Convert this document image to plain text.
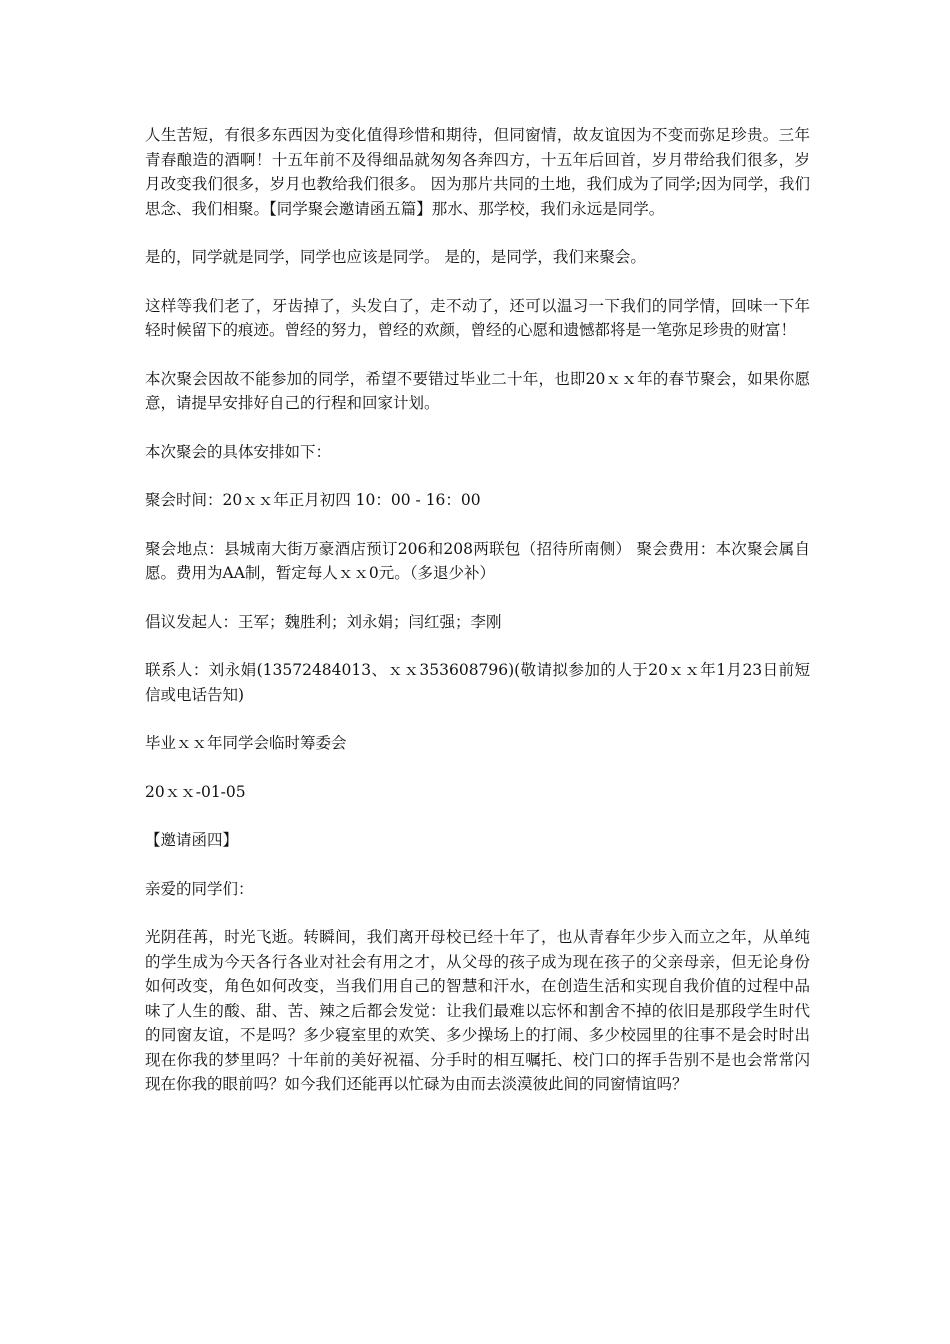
人生苦短，有很多东西因为变化值得珍惜和期待，但同窗情，故友谊因为不变而弥足珍贵。三年青春酿造的酒啊！十五年前不及得细品就匆匆各奔四方，十五年后回首，岁月带给我们很多，岁月改变我们很多，岁月也教给我们很多。 因为那片共同的土地，我们成为了同学;因为同学，我们思念、我们相聚。【同学聚会邀请函五篇】那水、那学校，我们永远是同学。

是的，同学就是同学，同学也应该是同学。 是的，是同学，我们来聚会。

这样等我们老了，牙齿掉了，头发白了，走不动了，还可以温习一下我们的同学情，回味一下年轻时候留下的痕迹。曾经的努力，曾经的欢颜，曾经的心愿和遗憾都将是一笔弥足珍贵的财富！

本次聚会因故不能参加的同学，希望不要错过毕业二十年，也即20ｘｘ年的春节聚会，如果你愿意，请提早安排好自己的行程和回家计划。

本次聚会的具体安排如下：

聚会时间：20ｘｘ年正月初四 10：00 - 16：00

聚会地点：县城南大街万豪酒店预订206和208两联包（招待所南侧） 聚会费用：本次聚会属自愿。费用为AA制，暂定每人ｘｘ0元。（多退少补）

倡议发起人：王军；魏胜利；刘永娟；闫红强；李刚

联系人：刘永娟(13572484013、ｘｘ353608796)(敬请拟参加的人于20ｘｘ年1月23日前短信或电话告知)

毕业ｘｘ年同学会临时筹委会

20ｘｘ-01-05

【邀请函四】

亲爱的同学们：

光阴荏苒，时光飞逝。转瞬间，我们离开母校已经十年了，也从青春年少步入而立之年，从单纯的学生成为今天各行各业对社会有用之才，从父母的孩子成为现在孩子的父亲母亲，但无论身份如何改变，角色如何改变，当我们用自己的智慧和汗水，在创造生活和实现自我价值的过程中品味了人生的酸、甜、苦、辣之后都会发觉：让我们最难以忘怀和割舍不掉的依旧是那段学生时代的同窗友谊，不是吗？多少寝室里的欢笑、多少操场上的打闹、多少校园里的往事不是会时时出现在你我的梦里吗？十年前的美好祝福、分手时的相互嘱托、校门口的挥手告别不是也会常常闪现在你我的眼前吗？如今我们还能再以忙碌为由而去淡漠彼此间的同窗情谊吗？
